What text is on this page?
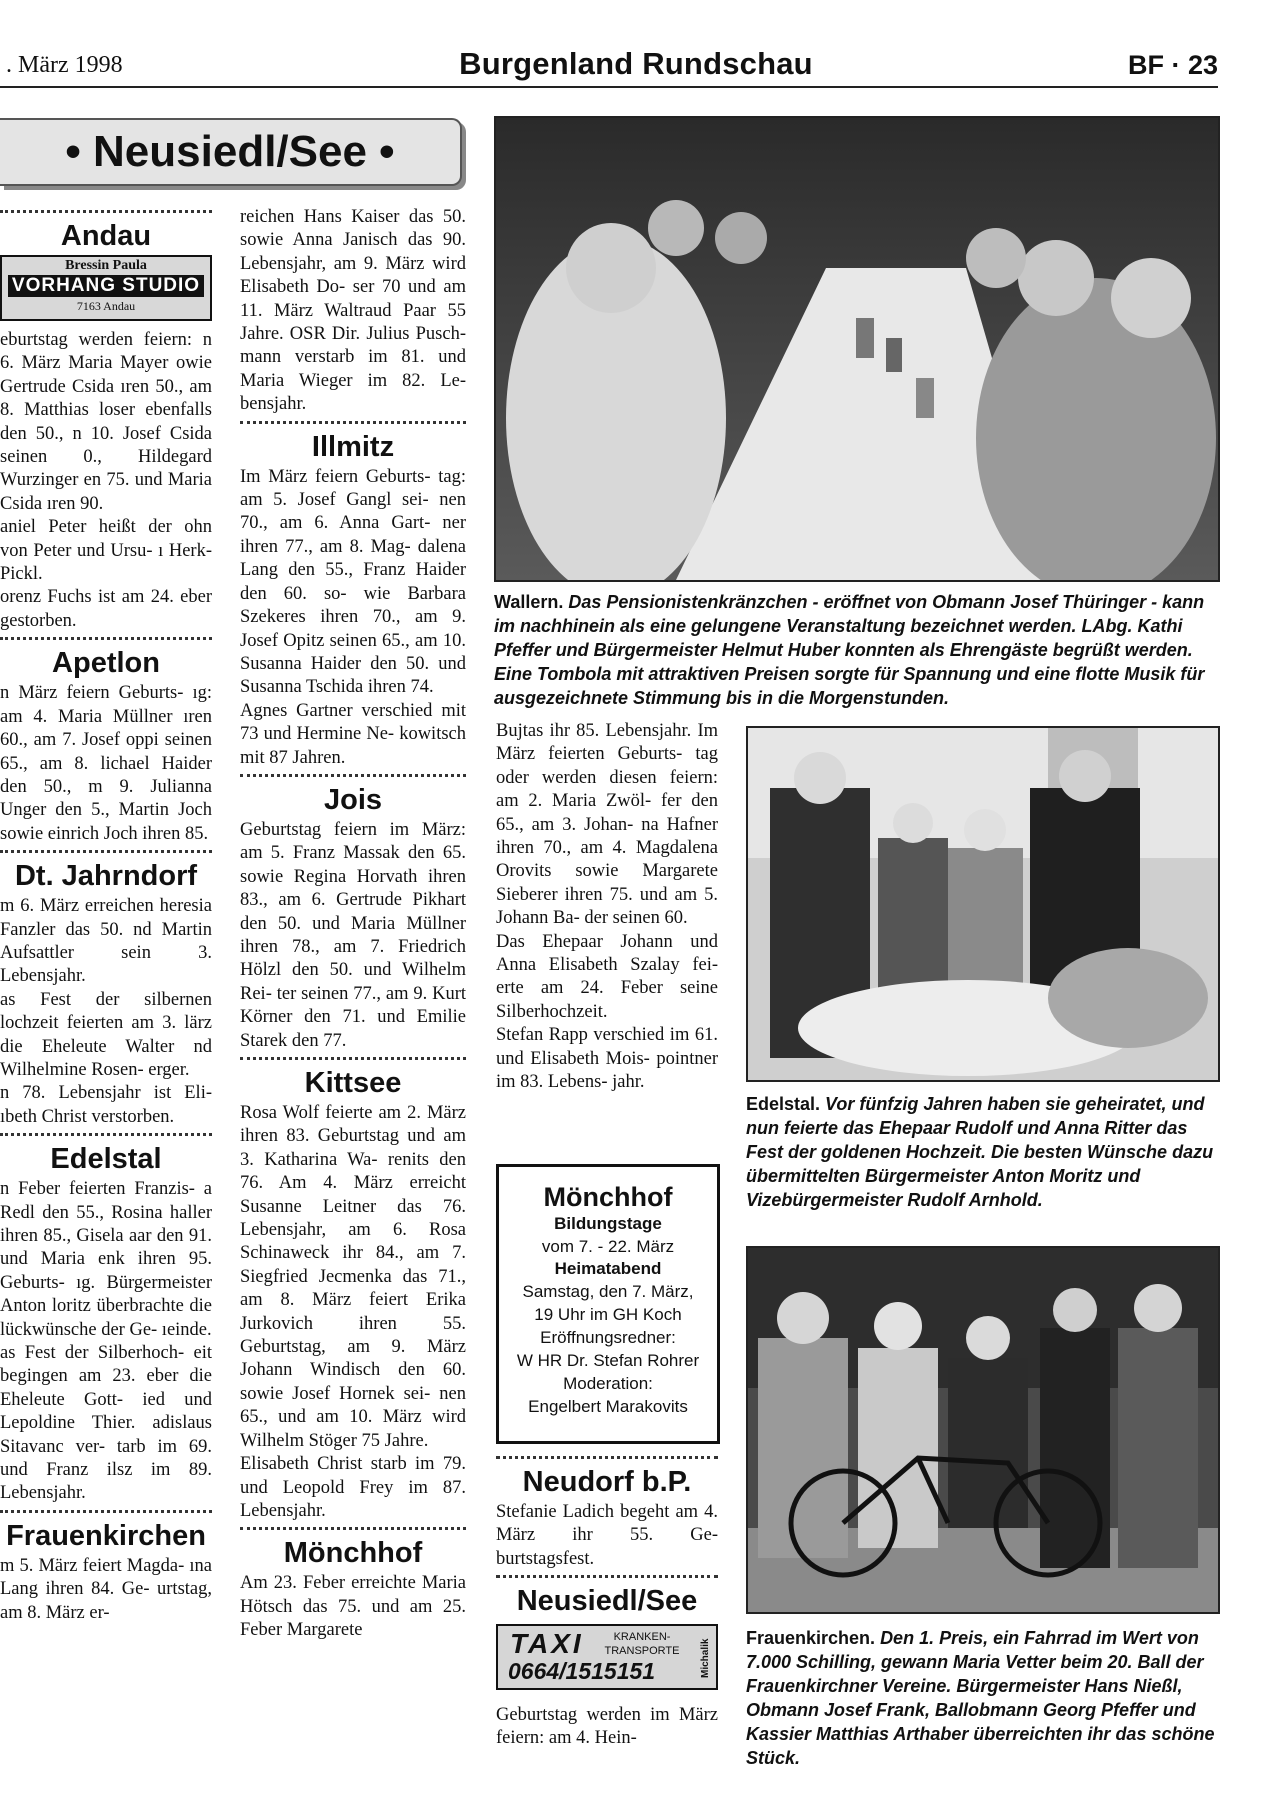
. März 1998	Burgenland Rundschau	BF · 23
• Neusiedl/See •
Andau
Bressin Paula
VORHANG STUDIO
7163 Andau

eburtstag werden feiern: n 6. März Maria Mayer owie Gertrude Csida ıren 50., am 8. Matthias loser ebenfalls den 50., n 10. Josef Csida seinen 0., Hildegard Wurzinger en 75. und Maria Csida ıren 90.

aniel Peter heißt der ohn von Peter und Ursu- ı Herk-Pickl.

orenz Fuchs ist am 24. eber gestorben.

Apetlon

n März feiern Geburts- ıg: am 4. Maria Müllner ıren 60., am 7. Josef oppi seinen 65., am 8. lichael Haider den 50., m 9. Julianna Unger den 5., Martin Joch sowie einrich Joch ihren 85.

Dt. Jahrndorf

m 6. März erreichen heresia Fanzler das 50. nd Martin Aufsattler sein 3. Lebensjahr.

as Fest der silbernen lochzeit feierten am 3. lärz die Eheleute Walter nd Wilhelmine Rosen- erger.

n 78. Lebensjahr ist Eli- ıbeth Christ verstorben.

Edelstal

n Feber feierten Franzis- a Redl den 55., Rosina haller ihren 85., Gisela aar den 91. und Maria enk ihren 95. Geburts- ıg. Bürgermeister Anton loritz überbrachte die lückwünsche der Ge- ıeinde.

as Fest der Silberhoch- eit begingen am 23. eber die Eheleute Gott- ied und Lepoldine Thier. adislaus Sitavanc ver- tarb im 69. und Franz ilsz im 89. Lebensjahr.

Frauenkirchen

m 5. März feiert Magda- ına Lang ihren 84. Ge- urtstag, am 8. März er-

reichen Hans Kaiser das 50. sowie Anna Janisch das 90. Lebensjahr, am 9. März wird Elisabeth Do- ser 70 und am 11. März Waltraud Paar 55 Jahre. OSR Dir. Julius Pusch- mann verstarb im 81. und Maria Wieger im 82. Le- bensjahr.

Illmitz

Im März feiern Geburts- tag: am 5. Josef Gangl sei- nen 70., am 6. Anna Gart- ner ihren 77., am 8. Mag- dalena Lang den 55., Franz Haider den 60. so- wie Barbara Szekeres ihren 70., am 9. Josef Opitz seinen 65., am 10. Susanna Haider den 50. und Susanna Tschida ihren 74.

Agnes Gartner verschied mit 73 und Hermine Ne- kowitsch mit 87 Jahren.

Jois

Geburtstag feiern im März: am 5. Franz Massak den 65. sowie Regina Horvath ihren 83., am 6. Gertrude Pikhart den 50. und Maria Müllner ihren 78., am 7. Friedrich Hölzl den 50. und Wilhelm Rei- ter seinen 77., am 9. Kurt Körner den 71. und Emilie Starek den 77.

Kittsee

Rosa Wolf feierte am 2. März ihren 83. Geburtstag und am 3. Katharina Wa- renits den 76. Am 4. März erreicht Susanne Leitner das 76. Lebensjahr, am 6. Rosa Schinaweck ihr 84., am 7. Siegfried Jecmenka das 71., am 8. März feiert Erika Jurkovich ihren 55. Geburtstag, am 9. März Johann Windisch den 60. sowie Josef Hornek sei- nen 65., und am 10. März wird Wilhelm Stöger 75 Jahre.

Elisabeth Christ starb im 79. und Leopold Frey im 87. Lebensjahr.

Mönchhof

Am 23. Feber erreichte Maria Hötsch das 75. und am 25. Feber Margarete

Wallern. Das Pensionistenkränzchen - eröffnet von Obmann Josef Thüringer - kann im nachhinein als eine gelungene Veranstaltung bezeichnet werden. LAbg. Kathi Pfeffer und Bürgermeister Helmut Huber konnten als Ehrengäste begrüßt werden. Eine Tombola mit attraktiven Preisen sorgte für Spannung und eine flotte Musik für ausgezeichnete Stimmung bis in die Morgenstunden.

Bujtas ihr 85. Lebensjahr. Im März feierten Geburts- tag oder werden diesen feiern: am 2. Maria Zwöl- fer den 65., am 3. Johan- na Hafner ihren 70., am 4. Magdalena Orovits sowie Margarete Sieberer ihren 75. und am 5. Johann Ba- der seinen 60.

Das Ehepaar Johann und Anna Elisabeth Szalay fei- erte am 24. Feber seine Silberhochzeit.

Stefan Rapp verschied im 61. und Elisabeth Mois- pointner im 83. Lebens- jahr.

Mönchhof
Bildungstage
vom 7. - 22. März
Heimatabend
Samstag, den 7. März,
19 Uhr im GH Koch
Eröffnungsredner:
W HR Dr. Stefan Rohrer
Moderation:
Engelbert Marakovits
Neudorf b.P.

Stefanie Ladich begeht am 4. März ihr 55. Ge- burtstagsfest.

Neusiedl/See
TAXI	KRANKEN-
TRANSPORTE
0664/1515151	Michalik

Geburtstag werden im März feiern: am 4. Hein-

Edelstal. Vor fünfzig Jahren haben sie geheiratet, und nun feierte das Ehepaar Rudolf und Anna Ritter das Fest der goldenen Hochzeit. Die besten Wünsche dazu übermittelten Bürgermeister Anton Moritz und Vizebürgermeister Rudolf Arnhold.
Frauenkirchen. Den 1. Preis, ein Fahrrad im Wert von 7.000 Schilling, gewann Maria Vetter beim 20. Ball der Frauenkirchner Vereine. Bürgermeister Hans Nießl, Obmann Josef Frank, Ballobmann Georg Pfeffer und Kassier Matthias Arthaber überreichten ihr das schöne Stück.
